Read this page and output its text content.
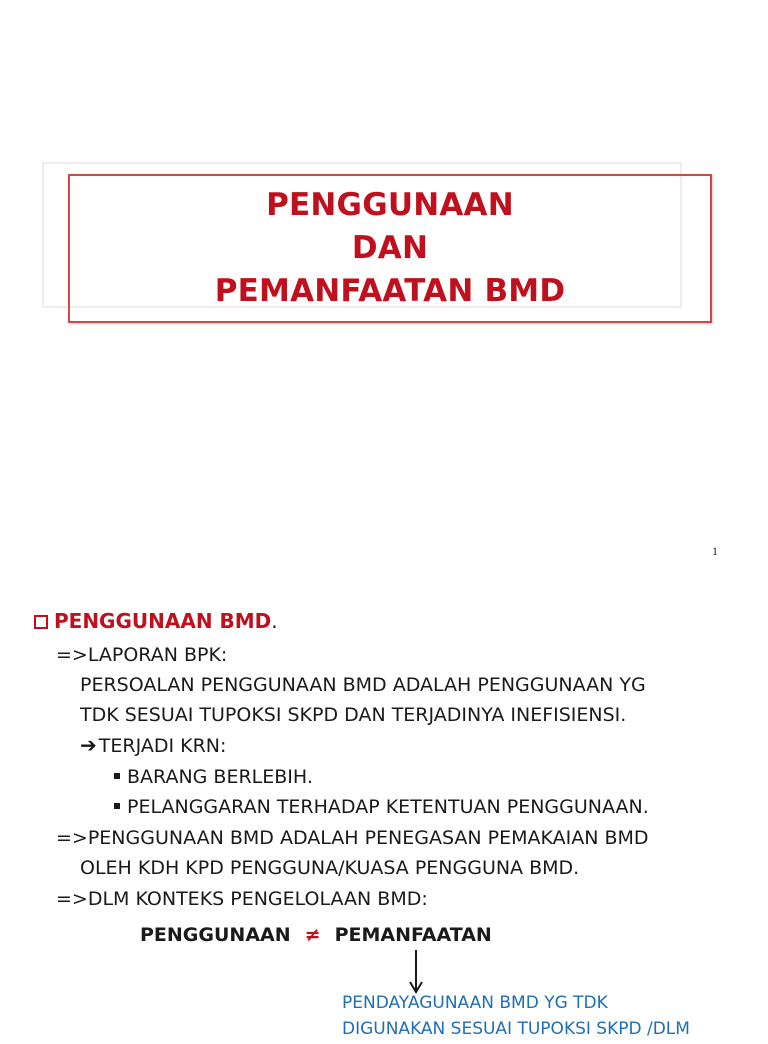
PENGGUNAAN
DAN
PEMANFAATAN BMD
1
PENGGUNAAN BMD.
=>LAPORAN BPK:
PERSOALAN PENGGUNAAN BMD ADALAH PENGGUNAAN YG
TDK SESUAI TUPOKSI SKPD DAN TERJADINYA INEFISIENSI.
➔ TERJADI KRN:
BARANG BERLEBIH.
PELANGGARAN TERHADAP KETENTUAN PENGGUNAAN.
=>PENGGUNAAN BMD ADALAH PENEGASAN PEMAKAIAN BMD
OLEH KDH KPD PENGGUNA/KUASA PENGGUNA BMD.
=>DLM KONTEKS PENGELOLAAN BMD:
PENGGUNAAN ≠ PEMANFAATAN
PENDAYAGUNAAN BMD YG TDK
DIGUNAKAN SESUAI TUPOKSI SKPD /DLM
